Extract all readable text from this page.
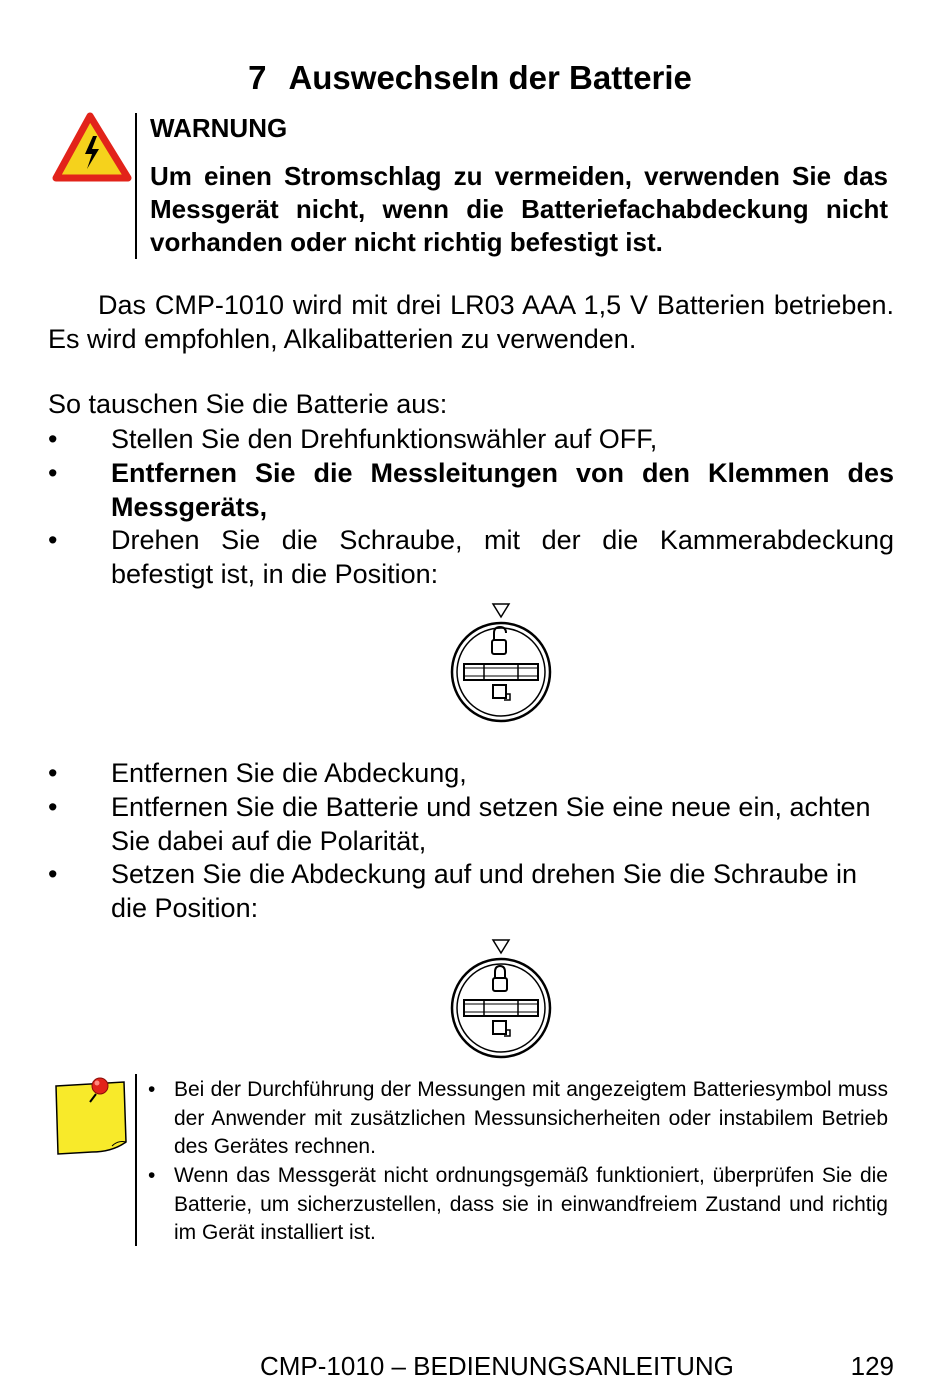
7 Auswechseln der Batterie
WARNUNG
Um einen Stromschlag zu vermeiden, verwenden Sie das Messgerät nicht, wenn die Batteriefachabdeckung nicht vorhanden oder nicht richtig befestigt ist.
Das CMP-1010 wird mit drei LR03 AAA 1,5 V Batterien betrieben. Es wird empfohlen, Alkalibatterien zu verwenden.
So tauschen Sie die Batterie aus:
• Stellen Sie den Drehfunktionswähler auf OFF,
• Entfernen Sie die Messleitungen von den Klemmen des Messgeräts,
• Drehen Sie die Schraube, mit der die Kammerabdeckung befestigt ist, in die Position:
• Entfernen Sie die Abdeckung,
• Entfernen Sie die Batterie und setzen Sie eine neue ein, achten Sie dabei auf die Polarität,
• Setzen Sie die Abdeckung auf und drehen Sie die Schraube in die Position:
• Bei der Durchführung der Messungen mit angezeigtem Batteriesymbol muss der Anwender mit zusätzlichen Messunsicherheiten oder instabilem Betrieb des Gerätes rechnen.
• Wenn das Messgerät nicht ordnungsgemäß funktioniert, überprüfen Sie die Batterie, um sicherzustellen, dass sie in einwandfreiem Zustand und richtig im Gerät installiert ist.
CMP-1010 – BEDIENUNGSANLEITUNG	129
